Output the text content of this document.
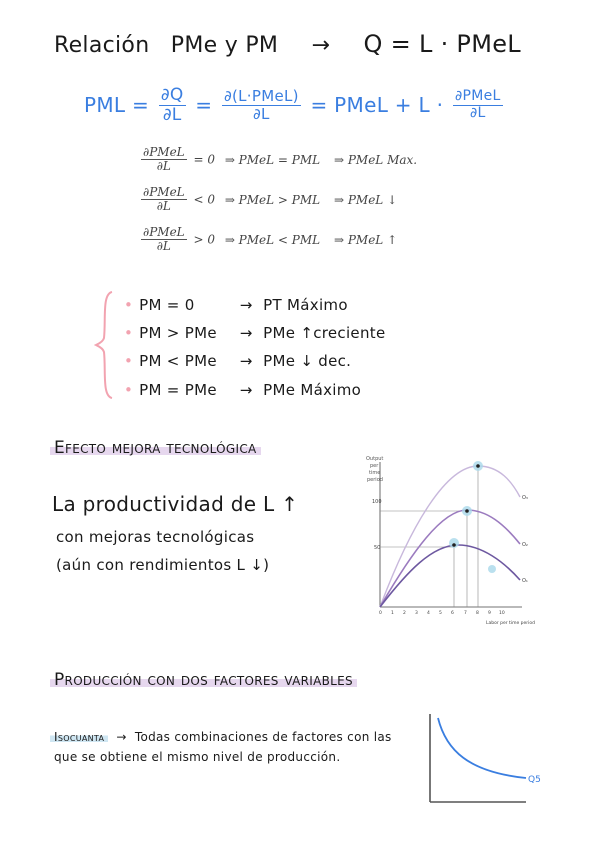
Relación PMe y PM → Q = L · PMeL
PML = $\frac{\partial Q}{\partial L} = \frac{\text{∂(L·PMeL)}}{\partial L}$ = PMeL + $L \cdot \frac{\text{∂PMeL}}{\partial L}$
$\frac{\text{∂PMeL}}{\partial L} = 0$ ⇒ PMeL = PML ⇒ PMeL Max.
$\frac{\text{∂PMeL}}{\partial L} < 0$ ⇒ PMeL > PML ⇒ PMeL ↓
$\frac{\text{∂PMeL}}{\partial L} > 0$ ⇒ PMeL < PML ⇒ PMeL ↑
• PM = 0	→ PT Máximo
• PM > PMe → PMe ↑creciente
• PM < PMe → PMe ↓ dec.
• PM = PMe → PMe Máximo
Efecto mejora tecnológica
La productividad de L ↑
con mejoras tecnológicas
(aún con rendimientos L ↓)
Output
per
time
period
100
50
O₃
O₂
O₁
0 1 2 3 4 5 6 7 8 9 10
Labor per time period
Producción con dos factores variables
Isocuanta → Todas combinaciones de factores con las
que se obtiene el mismo nivel de producción.
Q5
